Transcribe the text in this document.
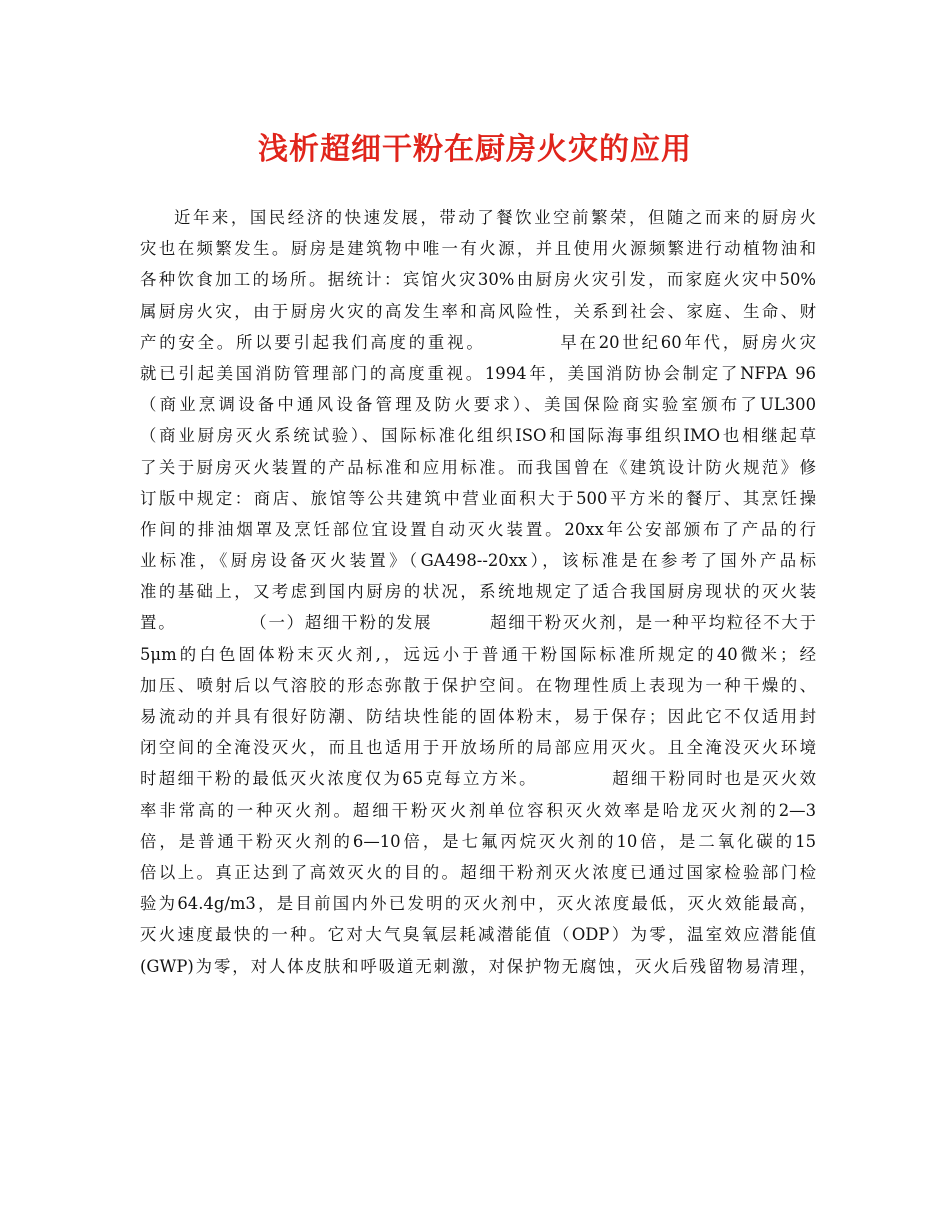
浅析超细干粉在厨房火灾的应用
近年来，国民经济的快速发展，带动了餐饮业空前繁荣，但随之而来的厨房火
灾也在频繁发生。厨房是建筑物中唯一有火源，并且使用火源频繁进行动植物油和
各种饮食加工的场所。据统计：宾馆火灾30%由厨房火灾引发，而家庭火灾中50%
属厨房火灾，由于厨房火灾的高发生率和高风险性，关系到社会、家庭、生命、财
产的安全。所以要引起我们高度的重视。	早在20世纪60年代，厨房火灾
就已引起美国消防管理部门的高度重视。1994年，美国消防协会制定了NFPA 96
（商业烹调设备中通风设备管理及防火要求）、美国保险商实验室颁布了UL300
（商业厨房灭火系统试验）、国际标准化组织ISO和国际海事组织IMO也相继起草
了关于厨房灭火装置的产品标准和应用标准。而我国曾在《建筑设计防火规范》修
订版中规定：商店、旅馆等公共建筑中营业面积大于500平方米的餐厅、其烹饪操
作间的排油烟罩及烹饪部位宜设置自动灭火装置。20xx年公安部颁布了产品的行
业标准，《厨房设备灭火装置》（GA498--20xx），该标准是在参考了国外产品标
准的基础上，又考虑到国内厨房的状况，系统地规定了适合我国厨房现状的灭火装
置。	（一）超细干粉的发展	超细干粉灭火剂，是一种平均粒径不大于
5μm的白色固体粉末灭火剂,，远远小于普通干粉国际标准所规定的40微米；经
加压、喷射后以气溶胶的形态弥散于保护空间。在物理性质上表现为一种干燥的、
易流动的并具有很好防潮、防结块性能的固体粉末，易于保存；因此它不仅适用封
闭空间的全淹没灭火，而且也适用于开放场所的局部应用灭火。且全淹没灭火环境
时超细干粉的最低灭火浓度仅为65克每立方米。	超细干粉同时也是灭火效
率非常高的一种灭火剂。超细干粉灭火剂单位容积灭火效率是哈龙灭火剂的2—3
倍，是普通干粉灭火剂的6—10倍，是七氟丙烷灭火剂的10倍，是二氧化碳的15
倍以上。真正达到了高效灭火的目的。超细干粉剂灭火浓度已通过国家检验部门检
验为64.4g/m3，是目前国内外已发明的灭火剂中，灭火浓度最低，灭火效能最高，
灭火速度最快的一种。它对大气臭氧层耗减潜能值（ODP）为零，温室效应潜能值
(GWP)为零，对人体皮肤和呼吸道无刺激，对保护物无腐蚀，灭火后残留物易清理，
